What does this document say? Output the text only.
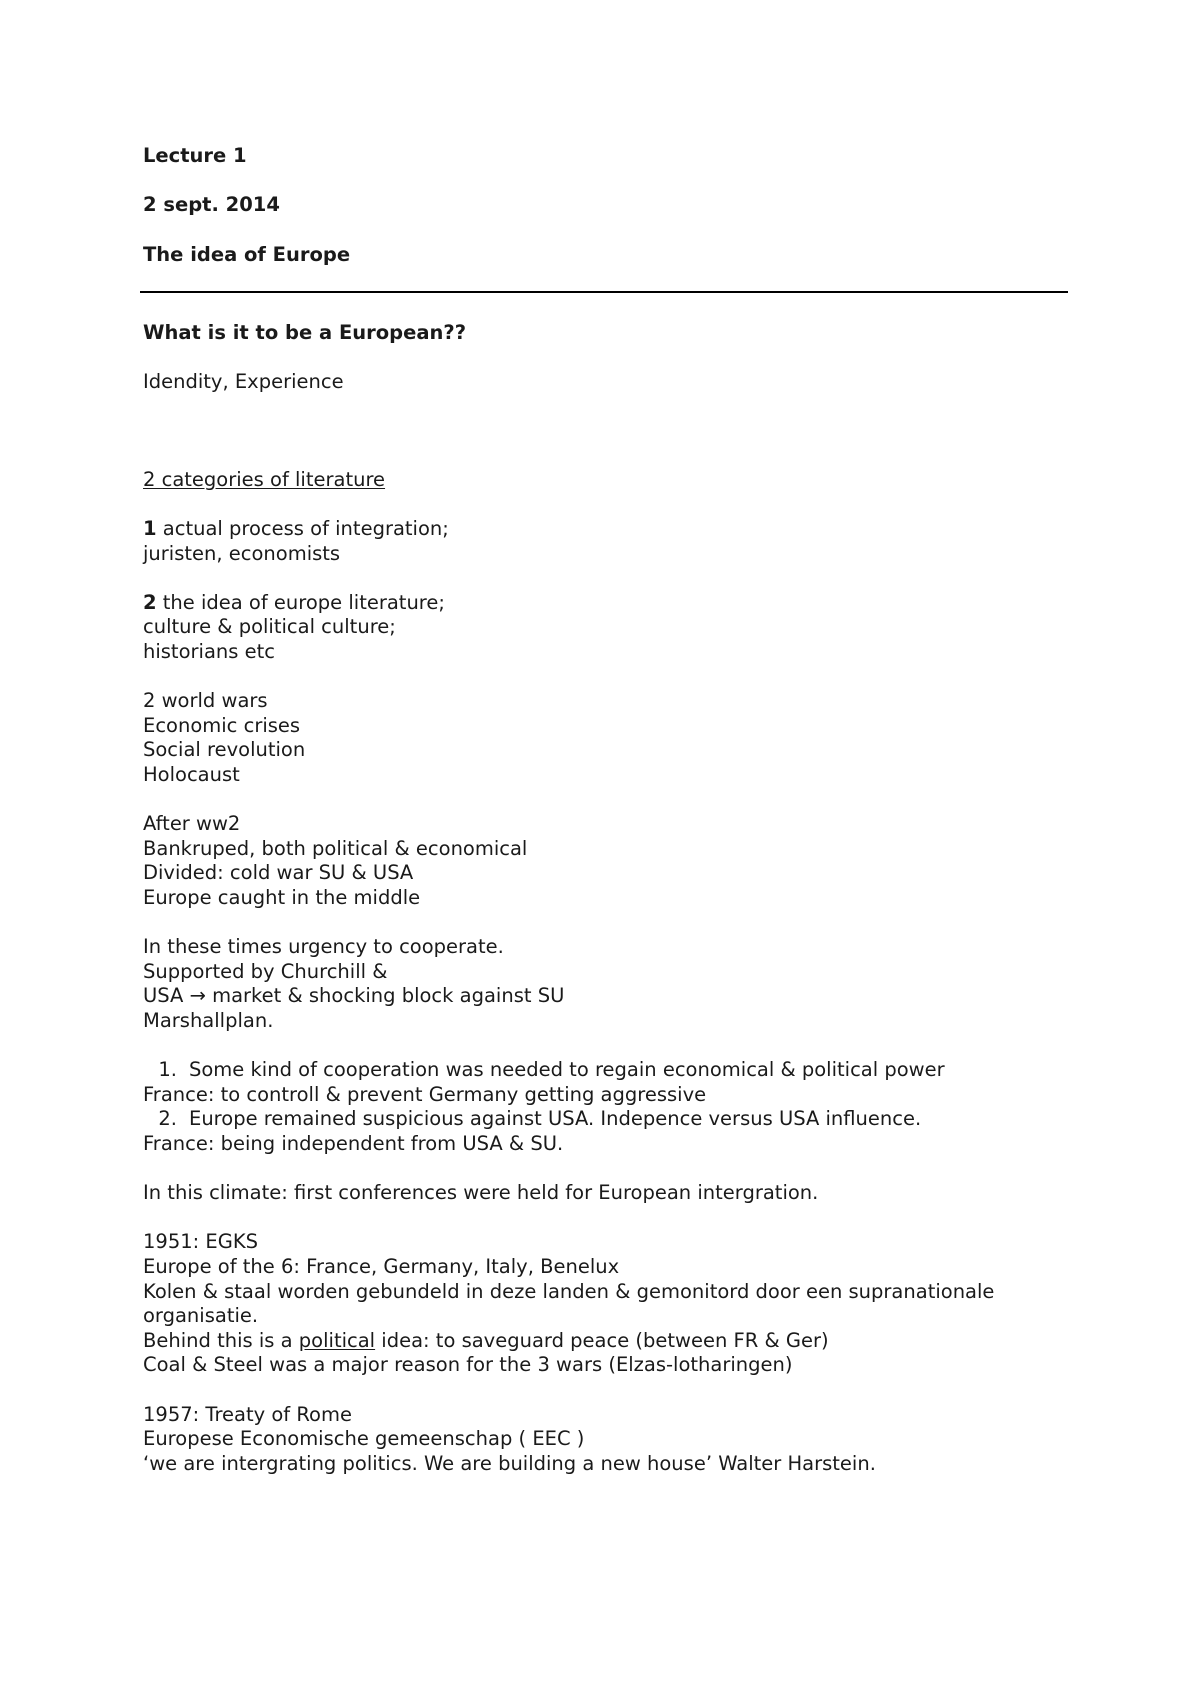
Lecture 1
2 sept. 2014
The idea of Europe
What is it to be a European??
Idendity, Experience
2 categories of literature
1 actual process of integration;
juristen, economists
2 the idea of europe literature;
culture & political culture;
historians etc
2 world wars
Economic crises
Social revolution
Holocaust
After ww2
Bankruped, both political & economical
Divided: cold war SU & USA
Europe caught in the middle
In these times urgency to cooperate.
Supported by Churchill &
USA → market & shocking block against SU
Marshallplan.
1. Some kind of cooperation was needed to regain economical & political power
France: to controll & prevent Germany getting aggressive
2. Europe remained suspicious against USA. Indepence versus USA influence.
France: being independent from USA & SU.
In this climate: first conferences were held for European intergration.
1951: EGKS
Europe of the 6: France, Germany, Italy, Benelux
Kolen & staal worden gebundeld in deze landen & gemonitord door een supranationale
organisatie.
Behind this is a political idea: to saveguard peace (between FR & Ger)
Coal & Steel was a major reason for the 3 wars (Elzas-lotharingen)
1957: Treaty of Rome
Europese Economische gemeenschap ( EEC )
‘we are intergrating politics. We are building a new house’ Walter Harstein.
